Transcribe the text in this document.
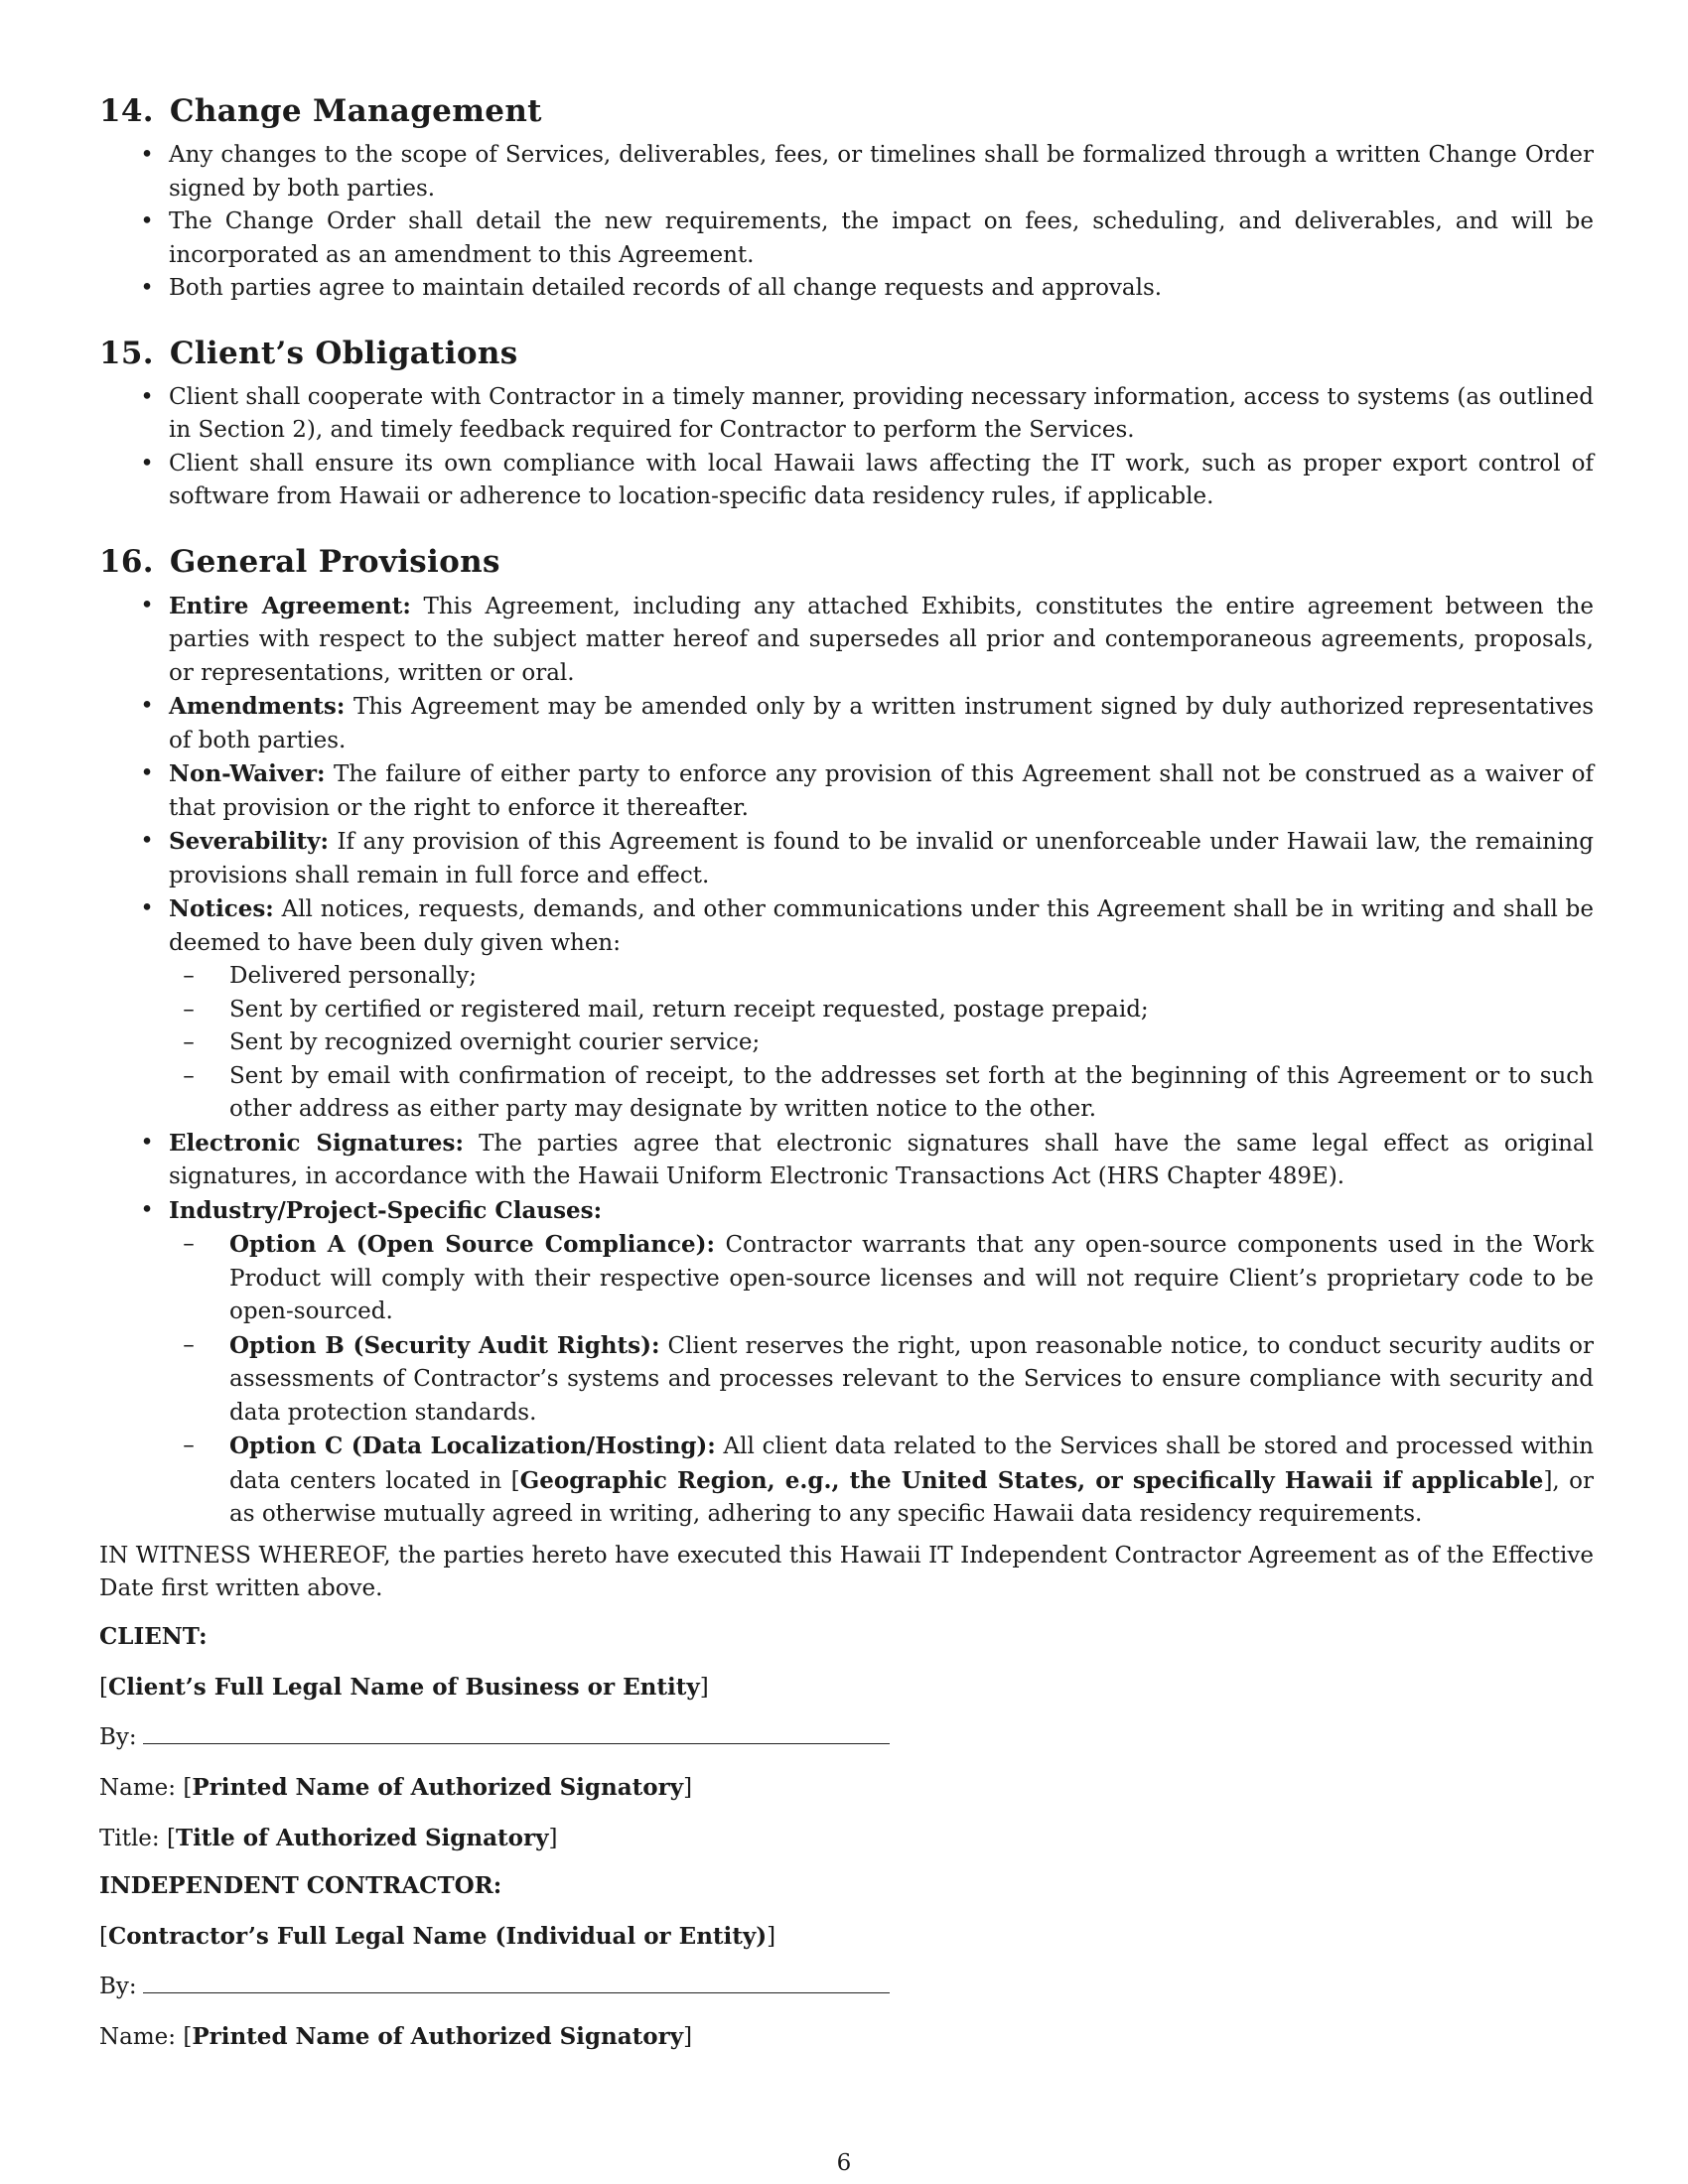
14. Change Management
• Any changes to the scope of Services, deliverables, fees, or timelines shall be formalized through a written Change Order signed by both parties.
• The Change Order shall detail the new requirements, the impact on fees, scheduling, and deliverables, and will be incorporated as an amendment to this Agreement.
• Both parties agree to maintain detailed records of all change requests and approvals.
15. Client’s Obligations
• Client shall cooperate with Contractor in a timely manner, providing necessary information, access to systems (as outlined in Section 2), and timely feedback required for Contractor to perform the Services.
• Client shall ensure its own compliance with local Hawaii laws affecting the IT work, such as proper export control of software from Hawaii or adherence to location-specific data residency rules, if applicable.
16. General Provisions
• Entire Agreement: This Agreement, including any attached Exhibits, constitutes the entire agreement between the parties with respect to the subject matter hereof and supersedes all prior and contemporaneous agreements, proposals, or representations, written or oral.
• Amendments: This Agreement may be amended only by a written instrument signed by duly authorized representatives of both parties.
• Non-Waiver: The failure of either party to enforce any provision of this Agreement shall not be construed as a waiver of that provision or the right to enforce it thereafter.
• Severability: If any provision of this Agreement is found to be invalid or unenforceable under Hawaii law, the remaining provisions shall remain in full force and effect.
• Notices: All notices, requests, demands, and other communications under this Agreement shall be in writing and shall be deemed to have been duly given when:
–	Delivered personally;
–	Sent by certified or registered mail, return receipt requested, postage prepaid;
–	Sent by recognized overnight courier service;
–	Sent by email with confirmation of receipt, to the addresses set forth at the beginning of this Agreement or to such other address as either party may designate by written notice to the other.
• Electronic Signatures: The parties agree that electronic signatures shall have the same legal effect as original signatures, in accordance with the Hawaii Uniform Electronic Transactions Act (HRS Chapter 489E).
• Industry/Project-Specific Clauses:
–	Option A (Open Source Compliance): Contractor warrants that any open-source components used in the Work Product will comply with their respective open-source licenses and will not require Client’s proprietary code to be open-sourced.
–	Option B (Security Audit Rights): Client reserves the right, upon reasonable notice, to conduct security audits or assessments of Contractor’s systems and processes relevant to the Services to ensure compliance with security and data protection standards.
–	Option C (Data Localization/Hosting): All client data related to the Services shall be stored and processed within data centers located in [Geographic Region, e.g., the United States, or specifically Hawaii if applicable], or as otherwise mutually agreed in writing, adhering to any specific Hawaii data residency requirements.
IN WITNESS WHEREOF, the parties hereto have executed this Hawaii IT Independent Contractor Agreement as of the Effective Date first written above.
CLIENT:
[Client’s Full Legal Name of Business or Entity]
By:
Name: [Printed Name of Authorized Signatory]
Title: [Title of Authorized Signatory]
INDEPENDENT CONTRACTOR:
[Contractor’s Full Legal Name (Individual or Entity)]
By:
Name: [Printed Name of Authorized Signatory]
6
